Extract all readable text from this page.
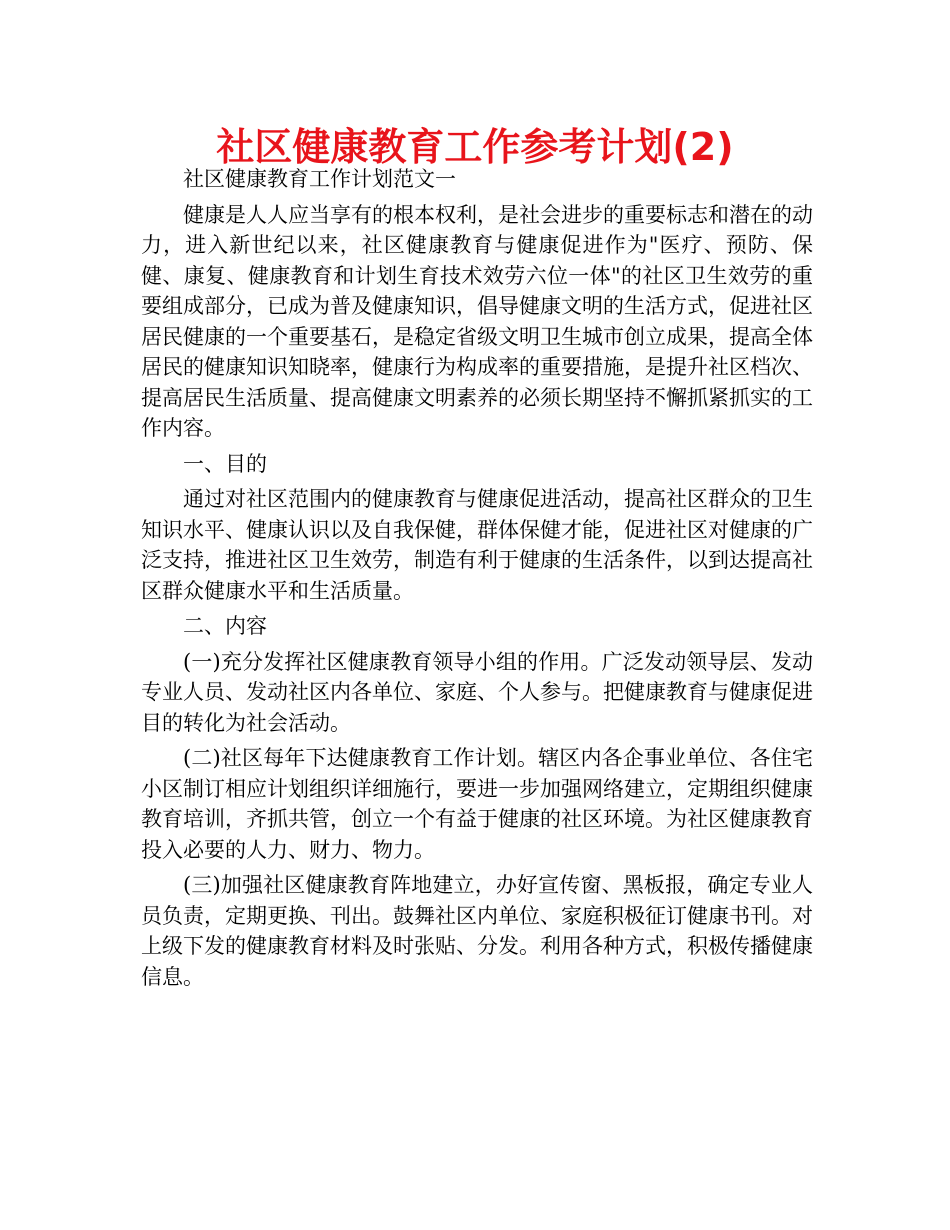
社区健康教育工作参考计划(2)

社区健康教育工作计划范文一

健康是人人应当享有的根本权利，是社会进步的重要标志和潜在的动力，进入新世纪以来，社区健康教育与健康促进作为"医疗、预防、保健、康复、健康教育和计划生育技术效劳六位一体"的社区卫生效劳的重要组成部分，已成为普及健康知识，倡导健康文明的生活方式，促进社区居民健康的一个重要基石，是稳定省级文明卫生城市创立成果，提高全体居民的健康知识知晓率，健康行为构成率的重要措施，是提升社区档次、提高居民生活质量、提高健康文明素养的必须长期坚持不懈抓紧抓实的工作内容。

一、目的

通过对社区范围内的健康教育与健康促进活动，提高社区群众的卫生知识水平、健康认识以及自我保健，群体保健才能，促进社区对健康的广泛支持，推进社区卫生效劳，制造有利于健康的生活条件，以到达提高社区群众健康水平和生活质量。

二、内容

(一)充分发挥社区健康教育领导小组的作用。广泛发动领导层、发动专业人员、发动社区内各单位、家庭、个人参与。把健康教育与健康促进目的转化为社会活动。

(二)社区每年下达健康教育工作计划。辖区内各企事业单位、各住宅小区制订相应计划组织详细施行，要进一步加强网络建立，定期组织健康教育培训，齐抓共管，创立一个有益于健康的社区环境。为社区健康教育投入必要的人力、财力、物力。

(三)加强社区健康教育阵地建立，办好宣传窗、黑板报，确定专业人员负责，定期更换、刊出。鼓舞社区内单位、家庭积极征订健康书刊。对上级下发的健康教育材料及时张贴、分发。利用各种方式，积极传播健康信息。
